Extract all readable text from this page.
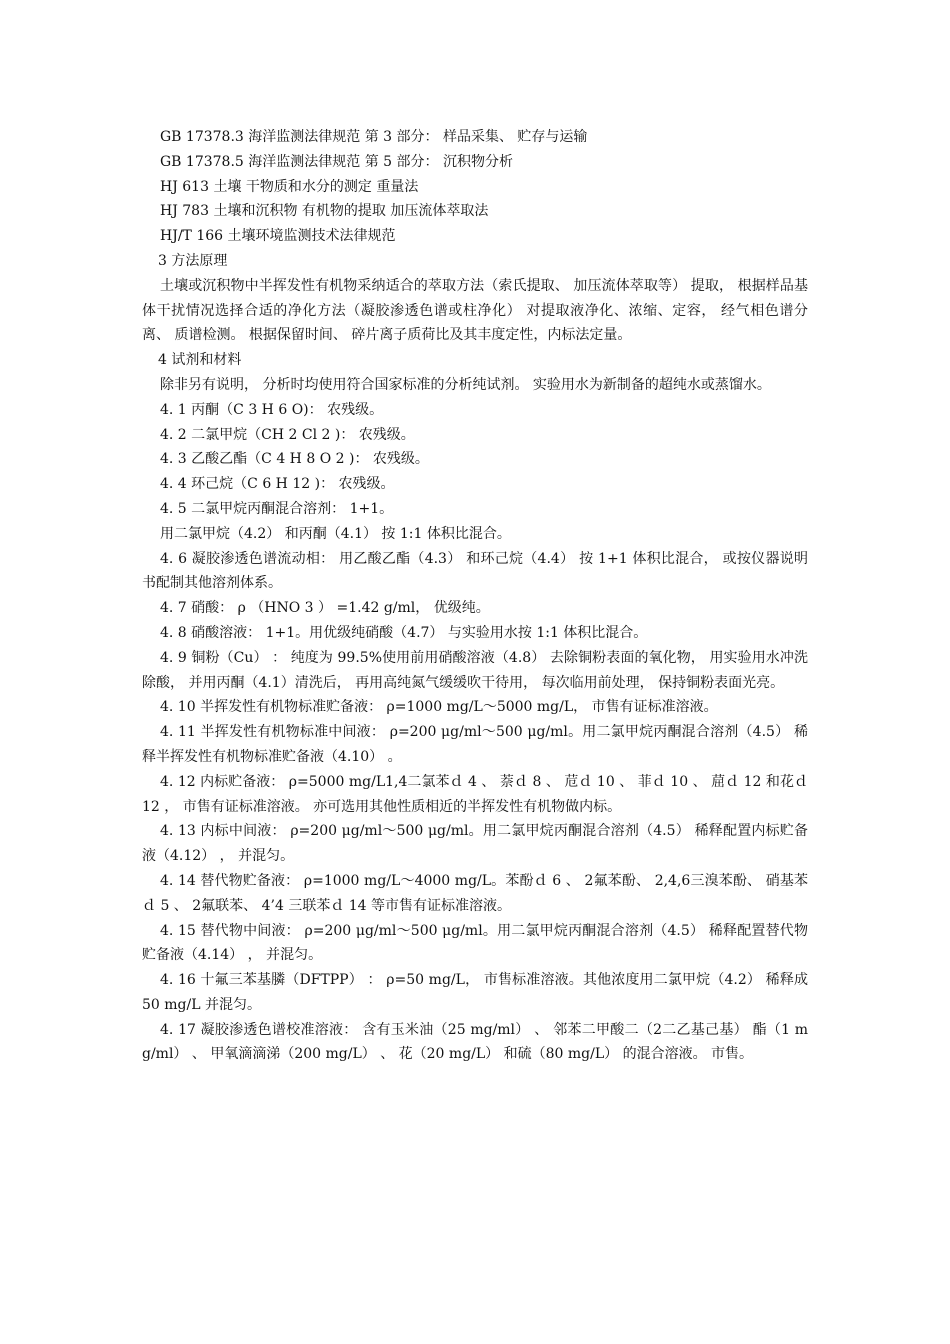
GB 17378.3 海洋监测法律规范 第 3 部分： 样品采集、 贮存与运输

GB 17378.5 海洋监测法律规范 第 5 部分： 沉积物分析

HJ 613 土壤 干物质和水分的测定 重量法

HJ 783 土壤和沉积物 有机物的提取 加压流体萃取法

HJ/T 166 土壤环境监测技术法律规范

3 方法原理

土壤或沉积物中半挥发性有机物采纳适合的萃取方法（索氏提取、 加压流体萃取等） 提取， 根据样品基体干扰情况选择合适的净化方法（凝胶渗透色谱或柱净化） 对提取液净化、浓缩、定容， 经气相色谱分离、 质谱检测。 根据保留时间、 碎片离子质荷比及其丰度定性，内标法定量。

4 试剂和材料

除非另有说明， 分析时均使用符合国家标准的分析纯试剂。 实验用水为新制备的超纯水或蒸馏水。

4. 1 丙酮（C 3 H 6 O)： 农残级。

4. 2 二氯甲烷（CH 2 Cl 2 )： 农残级。

4. 3 乙酸乙酯（C 4 H 8 O 2 )： 农残级。

4. 4 环己烷（C 6 H 12 )： 农残级。

4. 5 二氯甲烷丙酮混合溶剂： 1+1。

用二氯甲烷（4.2） 和丙酮（4.1） 按 1:1 体积比混合。

4. 6 凝胶渗透色谱流动相： 用乙酸乙酯（4.3） 和环己烷（4.4） 按 1+1 体积比混合， 或按仪器说明书配制其他溶剂体系。

4. 7 硝酸： ρ （HNO 3 ） =1.42 g/ml， 优级纯。

4. 8 硝酸溶液： 1+1。用优级纯硝酸（4.7） 与实验用水按 1:1 体积比混合。

4. 9 铜粉（Cu） ： 纯度为 99.5%使用前用硝酸溶液（4.8） 去除铜粉表面的氧化物， 用实验用水冲洗除酸， 并用丙酮（4.1）清洗后， 再用高纯氮气缓缓吹干待用， 每次临用前处理， 保持铜粉表面光亮。

4. 10 半挥发性有机物标准贮备液： ρ=1000 mg/L～5000 mg/L， 市售有证标准溶液。

4. 11 半挥发性有机物标准中间液： ρ=200 μg/ml～500 μg/ml。用二氯甲烷丙酮混合溶剂（4.5） 稀释半挥发性有机物标准贮备液（4.10） 。

4. 12 内标贮备液： ρ=5000 mg/L1,4二氯苯ｄ 4 、 萘ｄ 8 、 苊ｄ 10 、 菲ｄ 10 、 䓛ｄ 12 和花ｄ 12 ， 市售有证标准溶液。 亦可选用其他性质相近的半挥发性有机物做内标。

4. 13 内标中间液： ρ=200 μg/ml～500 μg/ml。用二氯甲烷丙酮混合溶剂（4.5） 稀释配置内标贮备液（4.12） ， 并混匀。

4. 14 替代物贮备液： ρ=1000 mg/L～4000 mg/L。苯酚ｄ 6 、 2氟苯酚、 2,4,6三溴苯酚、 硝基苯ｄ 5 、 2氟联苯、 4’4 三联苯ｄ 14 等市售有证标准溶液。

4. 15 替代物中间液： ρ=200 μg/ml～500 μg/ml。用二氯甲烷丙酮混合溶剂（4.5） 稀释配置替代物贮备液（4.14） ， 并混匀。

4. 16 十氟三苯基膦（DFTPP） ： ρ=50 mg/L， 市售标准溶液。其他浓度用二氯甲烷（4.2） 稀释成 50 mg/L 并混匀。

4. 17 凝胶渗透色谱校准溶液： 含有玉米油（25 mg/ml） 、 邻苯二甲酸二（2二乙基己基） 酯（1 mg/ml） 、 甲氧滴滴涕（200 mg/L） 、 花（20 mg/L） 和硫（80 mg/L） 的混合溶液。 市售。
